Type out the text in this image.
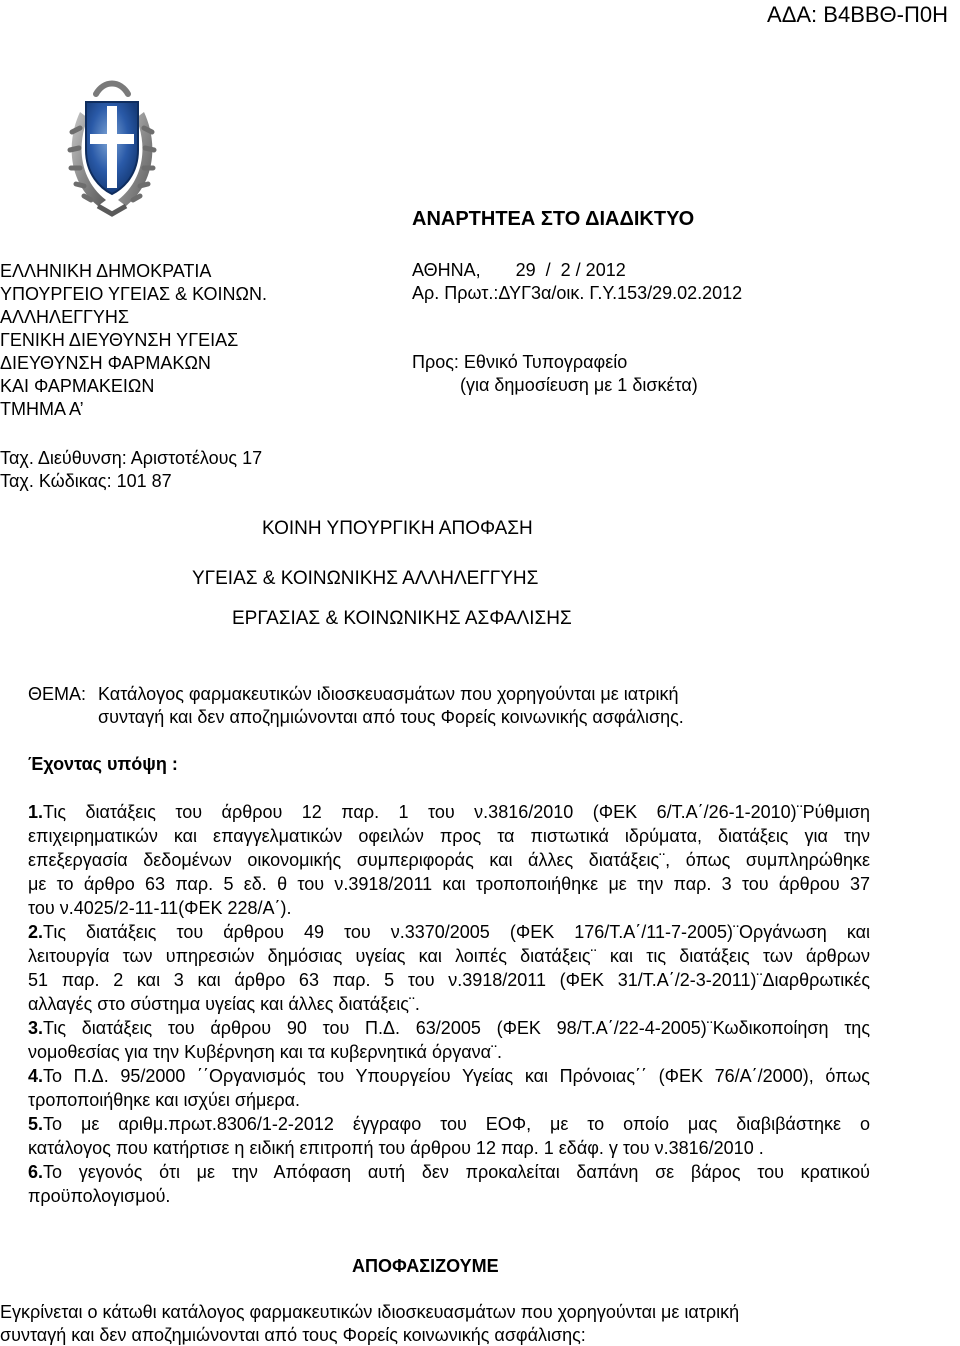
ΑΔΑ: Β4ΒΒΘ-Π0Η
ΑΝΑΡΤΗΤΕΑ ΣΤΟ ΔΙΑΔΙΚΤΥΟ
ΕΛΛΗΝΙΚΗ ΔΗΜΟΚΡΑΤΙΑ
ΥΠΟΥΡΓΕΙΟ ΥΓΕΙΑΣ & ΚΟΙΝΩΝ.
ΑΛΛΗΛΕΓΓΥΗΣ
ΓΕΝΙΚΗ ΔΙΕΥΘΥΝΣΗ ΥΓΕΙΑΣ
ΔΙΕΥΘΥΝΣΗ ΦΑΡΜΑΚΩΝ
ΚΑΙ ΦΑΡΜΑΚΕΙΩΝ
ΤΜΗΜΑ Α’
ΑΘΗΝΑ,       29  /  2 / 2012
Αρ. Πρωτ.:ΔΥΓ3α/οικ. Γ.Υ.153/29.02.2012
Προς: Εθνικό Τυπογραφείο
(για δημοσίευση με 1 δισκέτα)
Ταχ. Διεύθυνση: Αριστοτέλους 17
Ταχ. Κώδικας: 101 87
ΚΟΙΝΗ ΥΠΟΥΡΓΙΚΗ ΑΠΟΦΑΣΗ
ΥΓΕΙΑΣ & ΚΟΙΝΩΝΙΚΗΣ ΑΛΛΗΛΕΓΓΥΗΣ
ΕΡΓΑΣΙΑΣ & ΚΟΙΝΩΝΙΚΗΣ ΑΣΦΑΛΙΣΗΣ
ΘΕΜΑ: Κατάλογος φαρμακευτικών ιδιοσκευασμάτων που χορηγούνται με ιατρική
συνταγή και δεν αποζημιώνονται από τους Φορείς κοινωνικής ασφάλισης.
Έχοντας υπόψη :
1.Τις διατάξεις του άρθρου 12 παρ. 1 του ν.3816/2010 (ΦΕΚ 6/Τ.Α΄/26-1-2010)¨Ρύθμιση
επιχειρηματικών και επαγγελματικών οφειλών προς τα πιστωτικά ιδρύματα, διατάξεις για την
επεξεργασία δεδομένων οικονομικής συμπεριφοράς και άλλες διατάξεις¨, όπως συμπληρώθηκε
με το άρθρο 63 παρ. 5 εδ. θ του ν.3918/2011 και τροποποιήθηκε με την παρ. 3 του άρθρου 37
του ν.4025/2-11-11(ΦΕΚ 228/Α΄).
2.Τις διατάξεις του άρθρου 49 του ν.3370/2005 (ΦΕΚ 176/Τ.Α΄/11-7-2005)¨Οργάνωση και
λειτουργία των υπηρεσιών δημόσιας υγείας και λοιπές διατάξεις¨ και τις διατάξεις των άρθρων
51 παρ. 2 και 3 και άρθρο 63 παρ. 5 του ν.3918/2011 (ΦΕΚ 31/Τ.Α΄/2-3-2011)¨Διαρθρωτικές
αλλαγές στο σύστημα υγείας και άλλες διατάξεις¨.
3.Τις διατάξεις του άρθρου 90 του Π.Δ. 63/2005 (ΦΕΚ 98/Τ.Α΄/22-4-2005)¨Κωδικοποίηση της
νομοθεσίας για την Κυβέρνηση και τα κυβερνητικά όργανα¨.
4.Το Π.Δ. 95/2000 ΄΄Οργανισμός του Υπουργείου Υγείας και Πρόνοιας΄΄ (ΦΕΚ 76/Α΄/2000), όπως
τροποποιήθηκε και ισχύει σήμερα.
5.Το με αριθμ.πρωτ.8306/1-2-2012 έγγραφο του ΕΟΦ, με το οποίο μας διαβιβάστηκε ο
κατάλογος που κατήρτισε η ειδική επιτροπή του άρθρου 12 παρ. 1 εδάφ. γ του ν.3816/2010 .
6.Το γεγονός ότι με την Απόφαση αυτή δεν προκαλείται δαπάνη σε βάρος του κρατικού
προϋπολογισμού.
ΑΠΟΦΑΣΙΖΟΥΜΕ
Εγκρίνεται ο κάτωθι κατάλογος φαρμακευτικών ιδιοσκευασμάτων που χορηγούνται με ιατρική
συνταγή και δεν αποζημιώνονται από τους Φορείς κοινωνικής ασφάλισης:
